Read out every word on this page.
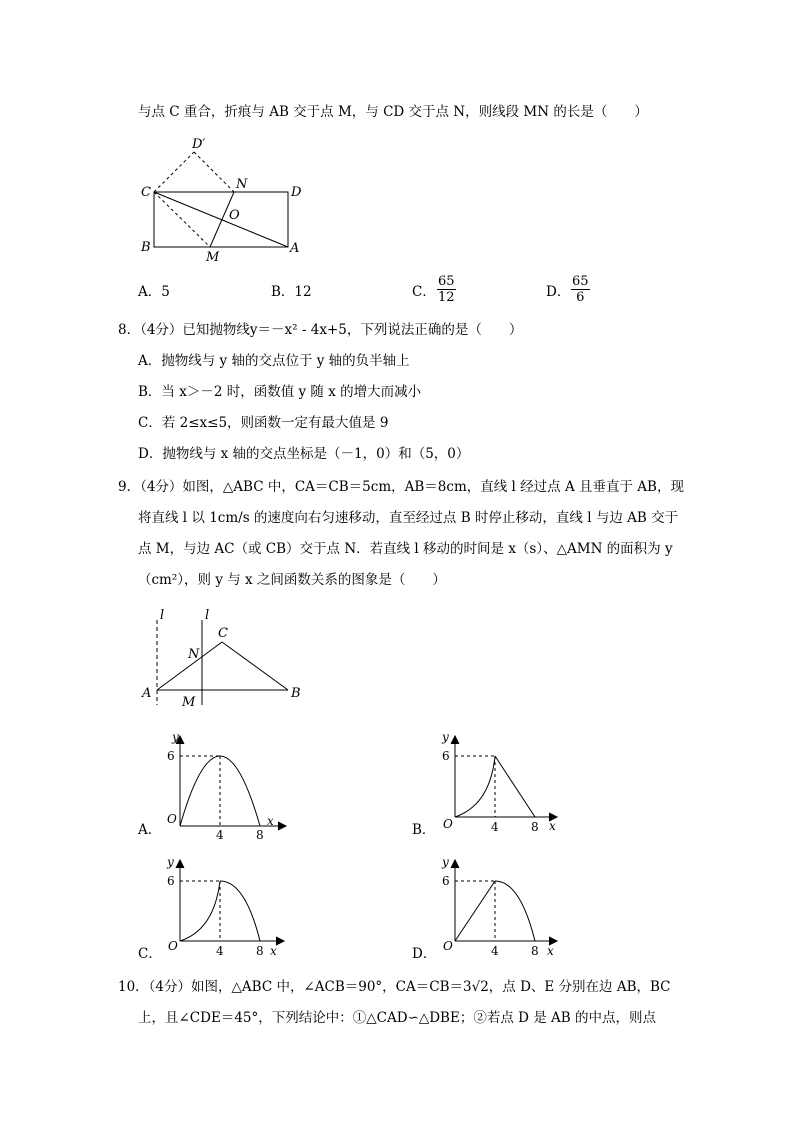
与点 C 重合，折痕与 AB 交于点 M，与 CD 交于点 N，则线段 MN 的长是（　　）
D′
C
N
D
O
B
M
A
A．5	B．12	C． $\frac{65}{12}$	D． $\frac{65}{6}$
8．（4分）已知抛物线y＝－x² - 4x+5，下列说法正确的是（　　）
A．抛物线与 y 轴的交点位于 y 轴的负半轴上
B．当 x＞－2 时，函数值 y 随 x 的增大而减小
C．若 2≤x≤5，则函数一定有最大值是 9
D．抛物线与 x 轴的交点坐标是（－1，0）和（5，0）
9．（4分）如图，△ABC 中，CA＝CB＝5cm，AB＝8cm，直线 l 经过点 A 且垂直于 AB，现
将直线 l 以 1cm/s 的速度向右匀速移动，直至经过点 B 时停止移动，直线 l 与边 AB 交于
点 M，与边 AC（或 CB）交于点 N．若直线 l 移动的时间是 x（s）、△AMN 的面积为 y
（cm²），则 y 与 x 之间函数关系的图象是（　　）
l	l
C
N
A
M
B
A．
y
6
O
4	8
x
B．
y
6
O	4	8 x
C．
y
6
O	4	8 x	D．
y
6
O	4	8 x
10．（4分）如图，△ABC 中，∠ACB＝90°，CA＝CB＝3√2，点 D、E 分别在边 AB，BC
上，且∠CDE＝45°，下列结论中：①△CAD∽△DBE；②若点 D 是 AB 的中点，则点
